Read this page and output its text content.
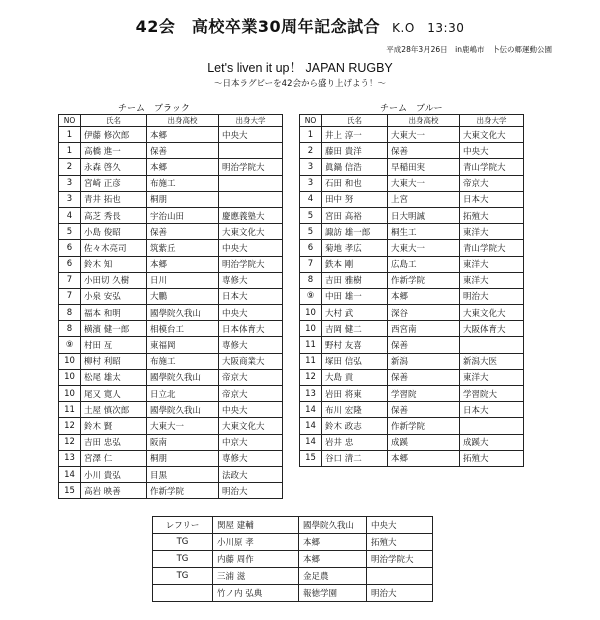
42会　高校卒業30周年記念試合 K.O　13:30
平成28年3月26日　in鹿嶋市　卜伝の郷運動公園
Let's liven it up！ JAPAN RUGBY
～日本ラグビーを42会から盛り上げよう！～
チーム　ブラック
NO	氏名	出身高校	出身大学
1	伊藤 修次郎	本郷	中央大
1	高橋 進一	保善	
2	永森 啓久	本郷	明治学院大
3	宮崎 正彦	布施工	
3	青井 拓也	桐朋	
4	高芝 秀長	宇治山田	慶應義塾大
5	小島 俊昭	保善	大東文化大
6	佐々木亮司	筑紫丘	中央大
6	鈴木 知	本郷	明治学院大
7	小田切 久樹	日川	専修大
7	小泉 安弘	大鵬	日本大
8	福本 和明	國學院久我山	中央大
8	横濱 健一郎	相模台工	日本体育大
⑨	村田 亙	東福岡	専修大
10	柳村 利昭	布施工	大阪商業大
10	松尾 雄太	國學院久我山	帝京大
10	尾又 寛人	日立北	帝京大
11	土屋 慎次郎	國學院久我山	中央大
12	鈴木 賢	大東大一	大東文化大
12	吉田 忠弘	阪南	中京大
13	宮澤 仁	桐朋	専修大
14	小川 貴弘	目黒	法政大
15	高岩 映善	作新学院	明治大
チーム　ブルー
NO	氏名	出身高校	出身大学
1	井上 淳一	大東大一	大東文化大
2	藤田 貴洋	保善	中央大
3	眞鍋 信浩	早稲田実	青山学院大
3	石田 和也	大東大一	帝京大
4	田中 努	上宮	日本大
5	宮田 高裕	日大明誠	拓殖大
5	諏訪 雄一郎	桐生工	東洋大
6	菊地 孝広	大東大一	青山学院大
7	鉄本 剛	広島工	東洋大
8	吉田 雅樹	作新学院	東洋大
⑨	中田 雄一	本郷	明治大
10	大村 武	深谷	大東文化大
10	吉岡 健二	西宮南	大阪体育大
11	野村 友喜	保善	
11	塚田 信弘	新潟	新潟大医
12	大島 貢	保善	東洋大
13	岩田 将東	学習院	学習院大
14	布川 宏隆	保善	日本大
14	鈴木 政志	作新学院	
14	岩井 忠	成蹊	成蹊大
15	谷口 清二	本郷	拓殖大
レフリー	関屋 建輔	國學院久我山	中央大
TG	小川原 孝	本郷	拓殖大
TG	内藤 周作	本郷	明治学院大
TG	三浦 滋	金足農	
	竹ノ内 弘典	報徳学園	明治大
